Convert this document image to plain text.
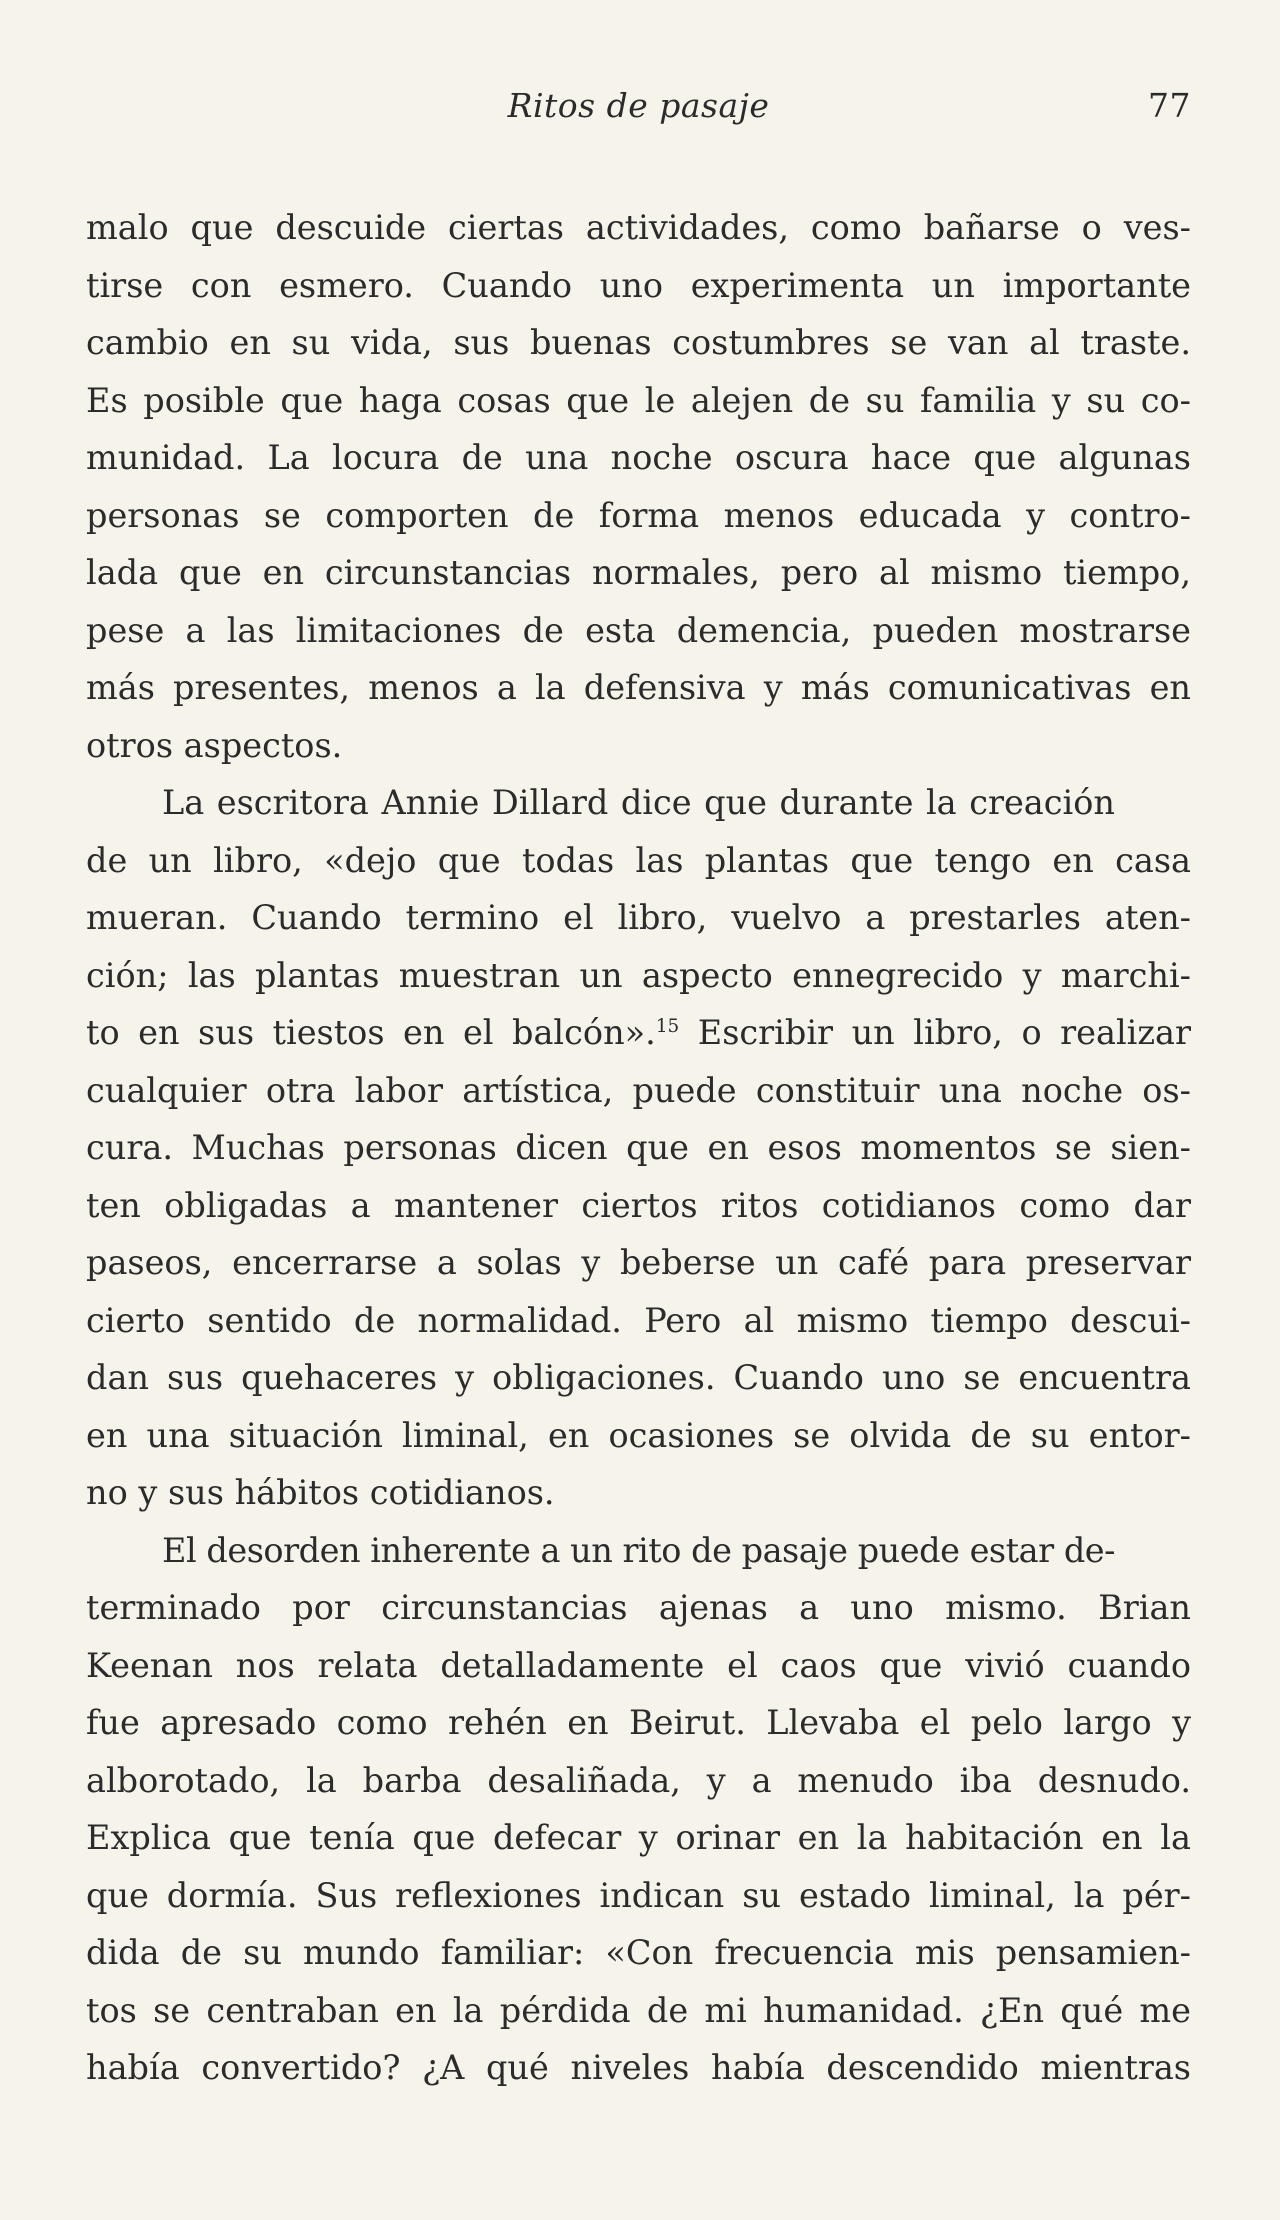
Ritos de pasaje	77

malo que descuide ciertas actividades, como bañarse o ves-
tirse con esmero. Cuando uno experimenta un importante
cambio en su vida, sus buenas costumbres se van al traste.
Es posible que haga cosas que le alejen de su familia y su co-
munidad. La locura de una noche oscura hace que algunas
personas se comporten de forma menos educada y contro-
lada que en circunstancias normales, pero al mismo tiempo,
pese a las limitaciones de esta demencia, pueden mostrarse
más presentes, menos a la defensiva y más comunicativas en
otros aspectos.

La escritora Annie Dillard dice que durante la creación
de un libro, «dejo que todas las plantas que tengo en casa
mueran. Cuando termino el libro, vuelvo a prestarles aten-
ción; las plantas muestran un aspecto ennegrecido y marchi-
to en sus tiestos en el balcón».$^{15}$ Escribir un libro, o realizar
cualquier otra labor artística, puede constituir una noche os-
cura. Muchas personas dicen que en esos momentos se sien-
ten obligadas a mantener ciertos ritos cotidianos como dar
paseos, encerrarse a solas y beberse un café para preservar
cierto sentido de normalidad. Pero al mismo tiempo descui-
dan sus quehaceres y obligaciones. Cuando uno se encuentra
en una situación liminal, en ocasiones se olvida de su entor-
no y sus hábitos cotidianos.

El desorden inherente a un rito de pasaje puede estar de-
terminado por circunstancias ajenas a uno mismo. Brian
Keenan nos relata detalladamente el caos que vivió cuando
fue apresado como rehén en Beirut. Llevaba el pelo largo y
alborotado, la barba desaliñada, y a menudo iba desnudo.
Explica que tenía que defecar y orinar en la habitación en la
que dormía. Sus reflexiones indican su estado liminal, la pér-
dida de su mundo familiar: «Con frecuencia mis pensamien-
tos se centraban en la pérdida de mi humanidad. ¿En qué me
había convertido? ¿A qué niveles había descendido mientras
